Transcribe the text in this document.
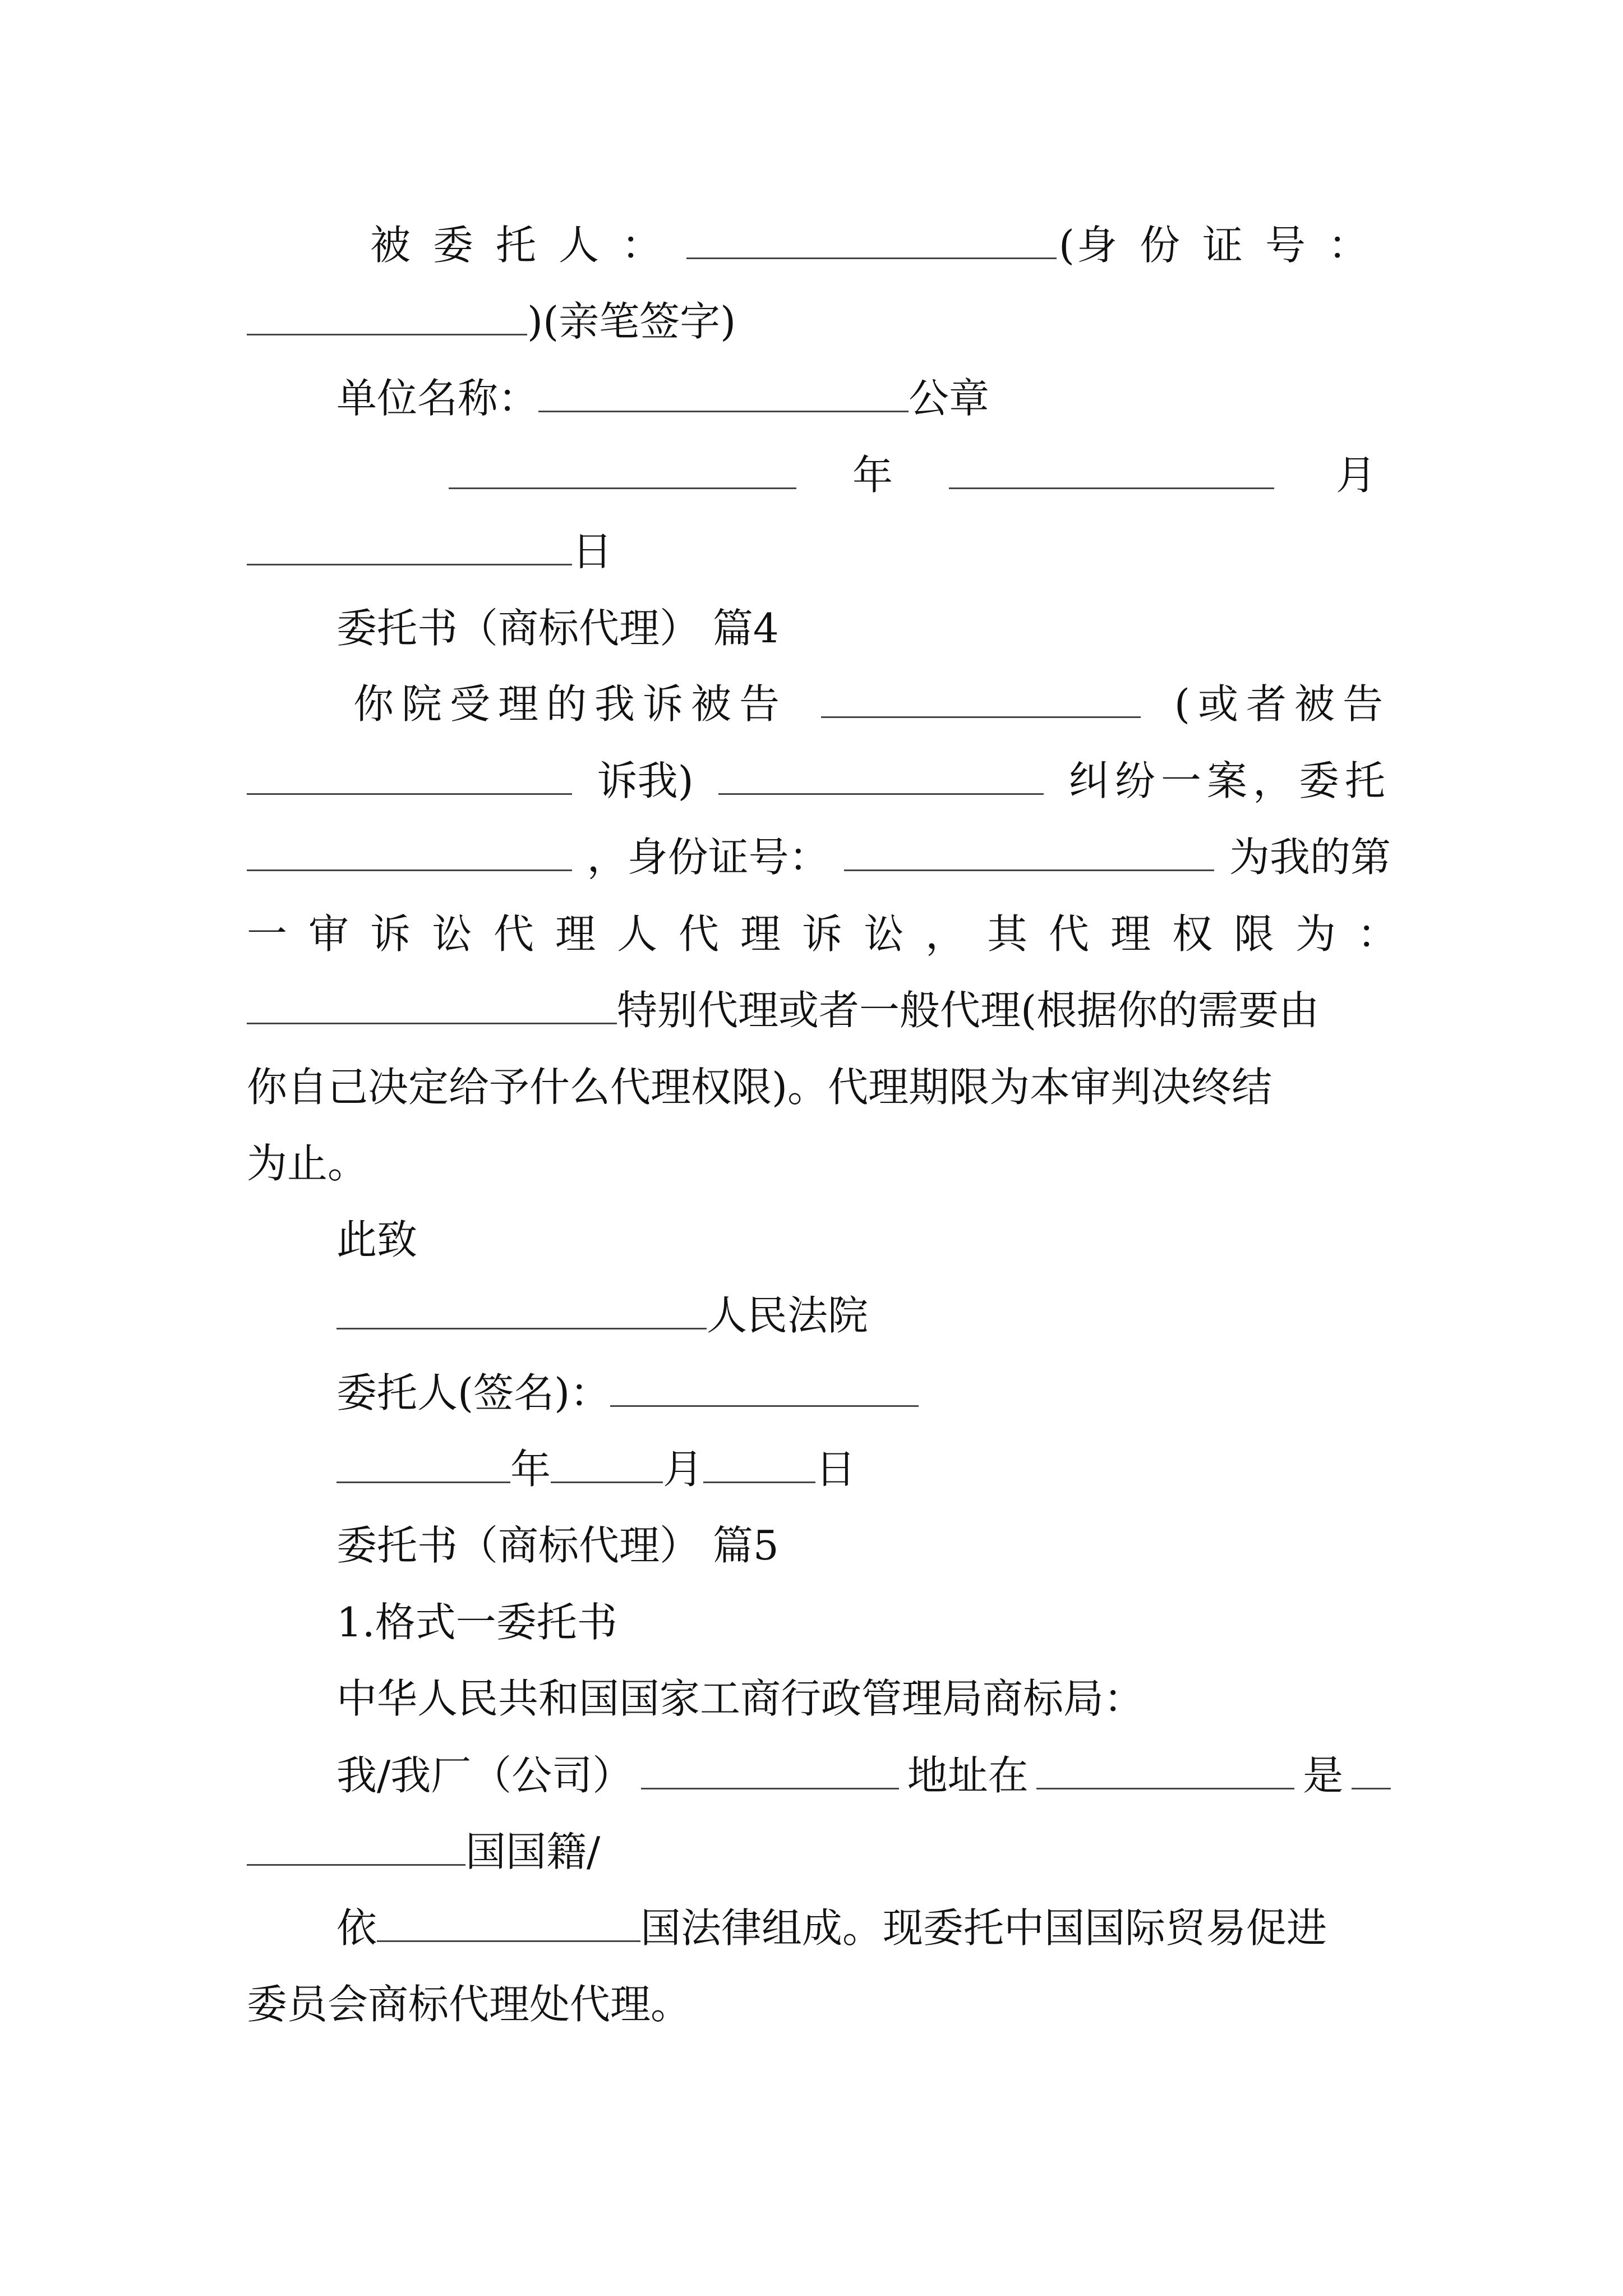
被委托人：	( 身份证号：
)(亲笔签字)
单位名称：	公章
年	月
日
委托书（商标代理） 篇4
你院受理的我诉被告	(或者被告
诉我)	纠纷一案，委托
，身份证号：	为我的第
一审诉讼代理人代理诉讼，其代理权限为：
特别代理或者一般代理(根据你的需要由
你自己决定给予什么代理权限)。代理期限为本审判决终结
为止。
此致
人民法院
委托人(签名)：
年	月	日
委托书（商标代理） 篇5
1.格式一委托书
中华人民共和国国家工商行政管理局商标局：
我/我厂（公司）	地址在	是
国国籍/
依	国法律组成。现委托中国国际贸易促进
委员会商标代理处代理。
